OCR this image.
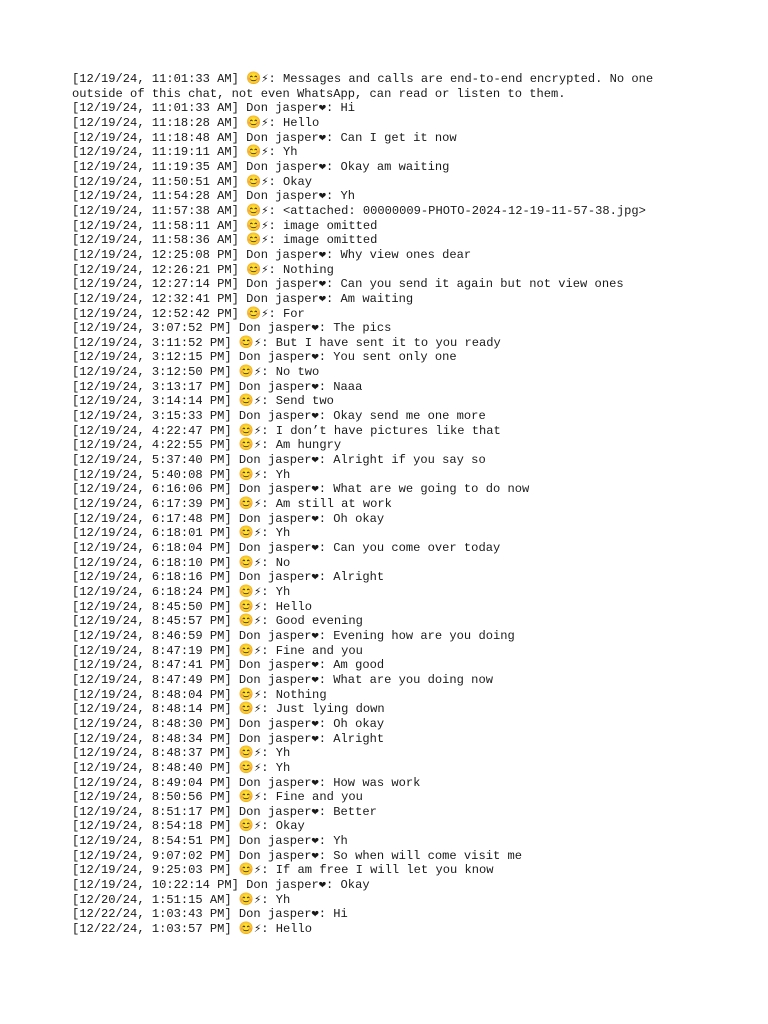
[12/19/24, 11:01:33 AM] 😊⚡: Messages and calls are end-to-end encrypted. No one outside of this chat, not even WhatsApp, can read or listen to them.

[12/19/24, 11:01:33 AM] Don jasper❤: Hi

[12/19/24, 11:18:28 AM] 😊⚡: Hello

[12/19/24, 11:18:48 AM] Don jasper❤: Can I get it now

[12/19/24, 11:19:11 AM] 😊⚡: Yh

[12/19/24, 11:19:35 AM] Don jasper❤: Okay am waiting

[12/19/24, 11:50:51 AM] 😊⚡: Okay

[12/19/24, 11:54:28 AM] Don jasper❤: Yh

[12/19/24, 11:57:38 AM] 😊⚡: <attached: 00000009-PHOTO-2024-12-19-11-57-38.jpg>

[12/19/24, 11:58:11 AM] 😊⚡: image omitted

[12/19/24, 11:58:36 AM] 😊⚡: image omitted

[12/19/24, 12:25:08 PM] Don jasper❤: Why view ones dear

[12/19/24, 12:26:21 PM] 😊⚡: Nothing

[12/19/24, 12:27:14 PM] Don jasper❤: Can you send it again but not view ones

[12/19/24, 12:32:41 PM] Don jasper❤: Am waiting

[12/19/24, 12:52:42 PM] 😊⚡: For

[12/19/24, 3:07:52 PM] Don jasper❤: The pics

[12/19/24, 3:11:52 PM] 😊⚡: But I have sent it to you ready

[12/19/24, 3:12:15 PM] Don jasper❤: You sent only one

[12/19/24, 3:12:50 PM] 😊⚡: No two

[12/19/24, 3:13:17 PM] Don jasper❤: Naaa

[12/19/24, 3:14:14 PM] 😊⚡: Send two

[12/19/24, 3:15:33 PM] Don jasper❤: Okay send me one more

[12/19/24, 4:22:47 PM] 😊⚡: I don’t have pictures like that

[12/19/24, 4:22:55 PM] 😊⚡: Am hungry

[12/19/24, 5:37:40 PM] Don jasper❤: Alright if you say so

[12/19/24, 5:40:08 PM] 😊⚡: Yh

[12/19/24, 6:16:06 PM] Don jasper❤: What are we going to do now

[12/19/24, 6:17:39 PM] 😊⚡: Am still at work

[12/19/24, 6:17:48 PM] Don jasper❤: Oh okay

[12/19/24, 6:18:01 PM] 😊⚡: Yh

[12/19/24, 6:18:04 PM] Don jasper❤: Can you come over today

[12/19/24, 6:18:10 PM] 😊⚡: No

[12/19/24, 6:18:16 PM] Don jasper❤: Alright

[12/19/24, 6:18:24 PM] 😊⚡: Yh

[12/19/24, 8:45:50 PM] 😊⚡: Hello

[12/19/24, 8:45:57 PM] 😊⚡: Good evening

[12/19/24, 8:46:59 PM] Don jasper❤: Evening how are you doing

[12/19/24, 8:47:19 PM] 😊⚡: Fine and you

[12/19/24, 8:47:41 PM] Don jasper❤: Am good

[12/19/24, 8:47:49 PM] Don jasper❤: What are you doing now

[12/19/24, 8:48:04 PM] 😊⚡: Nothing

[12/19/24, 8:48:14 PM] 😊⚡: Just lying down

[12/19/24, 8:48:30 PM] Don jasper❤: Oh okay

[12/19/24, 8:48:34 PM] Don jasper❤: Alright

[12/19/24, 8:48:37 PM] 😊⚡: Yh

[12/19/24, 8:48:40 PM] 😊⚡: Yh

[12/19/24, 8:49:04 PM] Don jasper❤: How was work

[12/19/24, 8:50:56 PM] 😊⚡: Fine and you

[12/19/24, 8:51:17 PM] Don jasper❤: Better

[12/19/24, 8:54:18 PM] 😊⚡: Okay

[12/19/24, 8:54:51 PM] Don jasper❤: Yh

[12/19/24, 9:07:02 PM] Don jasper❤: So when will come visit me

[12/19/24, 9:25:03 PM] 😊⚡: If am free I will let you know

[12/19/24, 10:22:14 PM] Don jasper❤: Okay

[12/20/24, 1:51:15 AM] 😊⚡: Yh

[12/22/24, 1:03:43 PM] Don jasper❤: Hi

[12/22/24, 1:03:57 PM] 😊⚡: Hello
